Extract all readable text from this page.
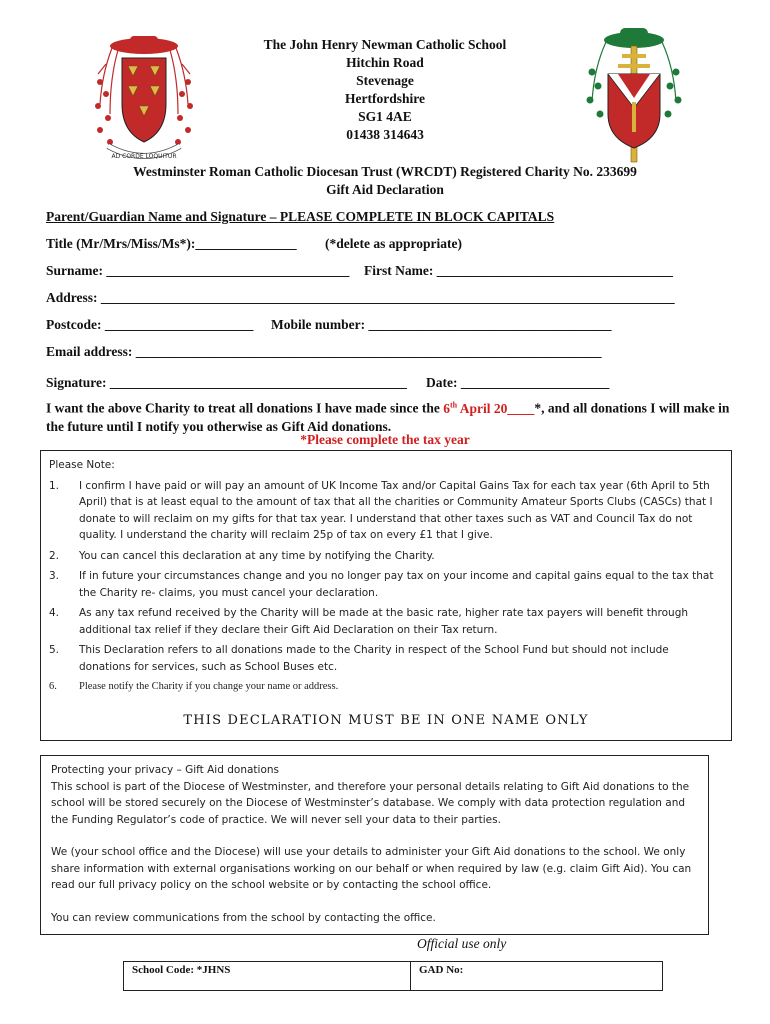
AD CORDE LOQUITUR
The John Henry Newman Catholic School
Hitchin Road
Stevenage
Hertfordshire
SG1 4AE
01438 314643
Westminster Roman Catholic Diocesan Trust (WRCDT) Registered Charity No. 233699
Gift Aid Declaration
Parent/Guardian Name and Signature – PLEASE COMPLETE IN BLOCK CAPITALS
Title (Mr/Mrs/Miss/Ms*):_______________ (*delete as appropriate)
Surname: ____________________________________ First Name: ___________________________________
Address: _____________________________________________________________________________________
Postcode: ______________________ Mobile number: ____________________________________
Email address: _____________________________________________________________________
Signature: ____________________________________________ Date: ______________________
I want the above Charity to treat all donations I have made since the 6th April 20____*, and all donations I will make in the future until I notify you otherwise as Gift Aid donations.
*Please complete the tax year
Please Note:
1. I confirm I have paid or will pay an amount of UK Income Tax and/or Capital Gains Tax for each tax year (6th April to 5th April) that is at least equal to the amount of tax that all the charities or Community Amateur Sports Clubs (CASCs) that I donate to will reclaim on my gifts for that tax year. I understand that other taxes such as VAT and Council Tax do not quality. I understand the charity will reclaim 25p of tax on every £1 that I give.
2. You can cancel this declaration at any time by notifying the Charity.
3. If in future your circumstances change and you no longer pay tax on your income and capital gains equal to the tax that the Charity re- claims, you must cancel your declaration.
4. As any tax refund received by the Charity will be made at the basic rate, higher rate tax payers will benefit through additional tax relief if they declare their Gift Aid Declaration on their Tax return.
5. This Declaration refers to all donations made to the Charity in respect of the School Fund but should not include donations for services, such as School Buses etc.
6. Please notify the Charity if you change your name or address.
THIS DECLARATION MUST BE IN ONE NAME ONLY
Protecting your privacy – Gift Aid donations

This school is part of the Diocese of Westminster, and therefore your personal details relating to Gift Aid donations to the school will be stored securely on the Diocese of Westminster’s database. We comply with data protection regulation and the Funding Regulator’s code of practice. We will never sell your data to their parties.

We (your school office and the Diocese) will use your details to administer your Gift Aid donations to the school. We only share information with external organisations working on our behalf or when required by law (e.g. claim Gift Aid). You can read our full privacy policy on the school website or by contacting the school office.

You can review communications from the school by contacting the office.

Official use only
School Code: *JHNS	GAD No:
